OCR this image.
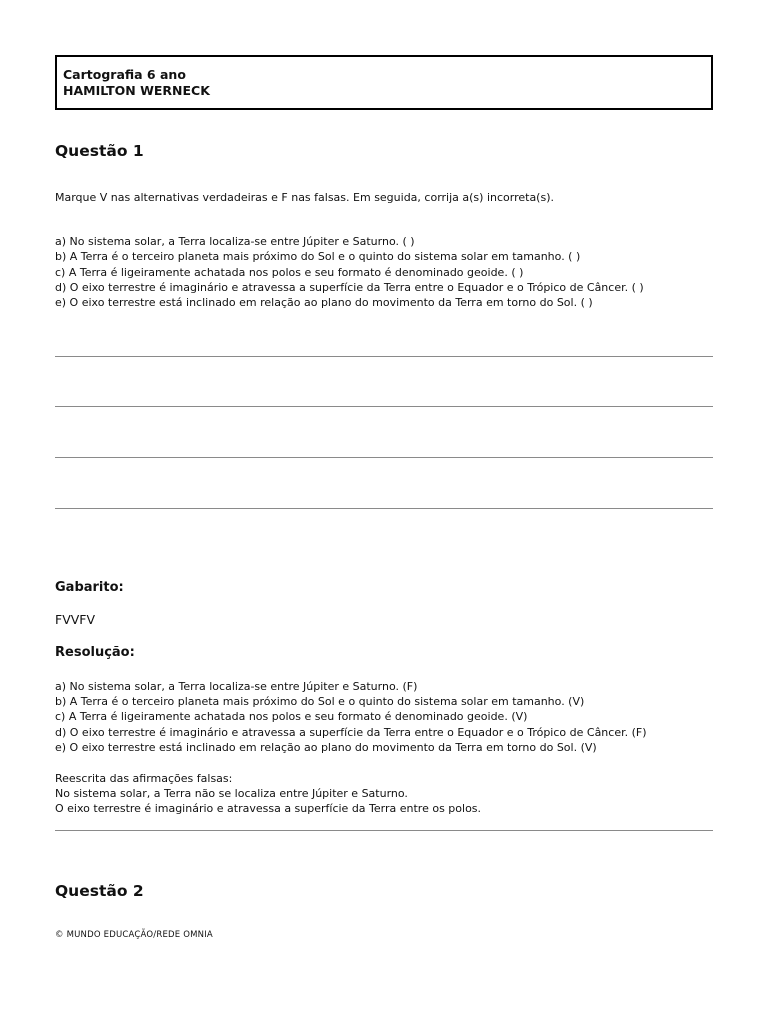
Cartografia 6 ano
HAMILTON WERNECK
Questão 1
Marque V nas alternativas verdadeiras e F nas falsas. Em seguida, corrija a(s) incorreta(s).
a) No sistema solar, a Terra localiza-se entre Júpiter e Saturno. ( )
b) A Terra é o terceiro planeta mais próximo do Sol e o quinto do sistema solar em tamanho. ( )
c) A Terra é ligeiramente achatada nos polos e seu formato é denominado geoide. ( )
d) O eixo terrestre é imaginário e atravessa a superfície da Terra entre o Equador e o Trópico de Câncer. ( )
e) O eixo terrestre está inclinado em relação ao plano do movimento da Terra em torno do Sol. ( )
Gabarito:
FVVFV
Resolução:
a) No sistema solar, a Terra localiza-se entre Júpiter e Saturno. (F)
b) A Terra é o terceiro planeta mais próximo do Sol e o quinto do sistema solar em tamanho. (V)
c) A Terra é ligeiramente achatada nos polos e seu formato é denominado geoide. (V)
d) O eixo terrestre é imaginário e atravessa a superfície da Terra entre o Equador e o Trópico de Câncer. (F)
e) O eixo terrestre está inclinado em relação ao plano do movimento da Terra em torno do Sol. (V)
Reescrita das afirmações falsas:
No sistema solar, a Terra não se localiza entre Júpiter e Saturno.
O eixo terrestre é imaginário e atravessa a superfície da Terra entre os polos.
Questão 2
© MUNDO EDUCAÇÃO/REDE OMNIA
